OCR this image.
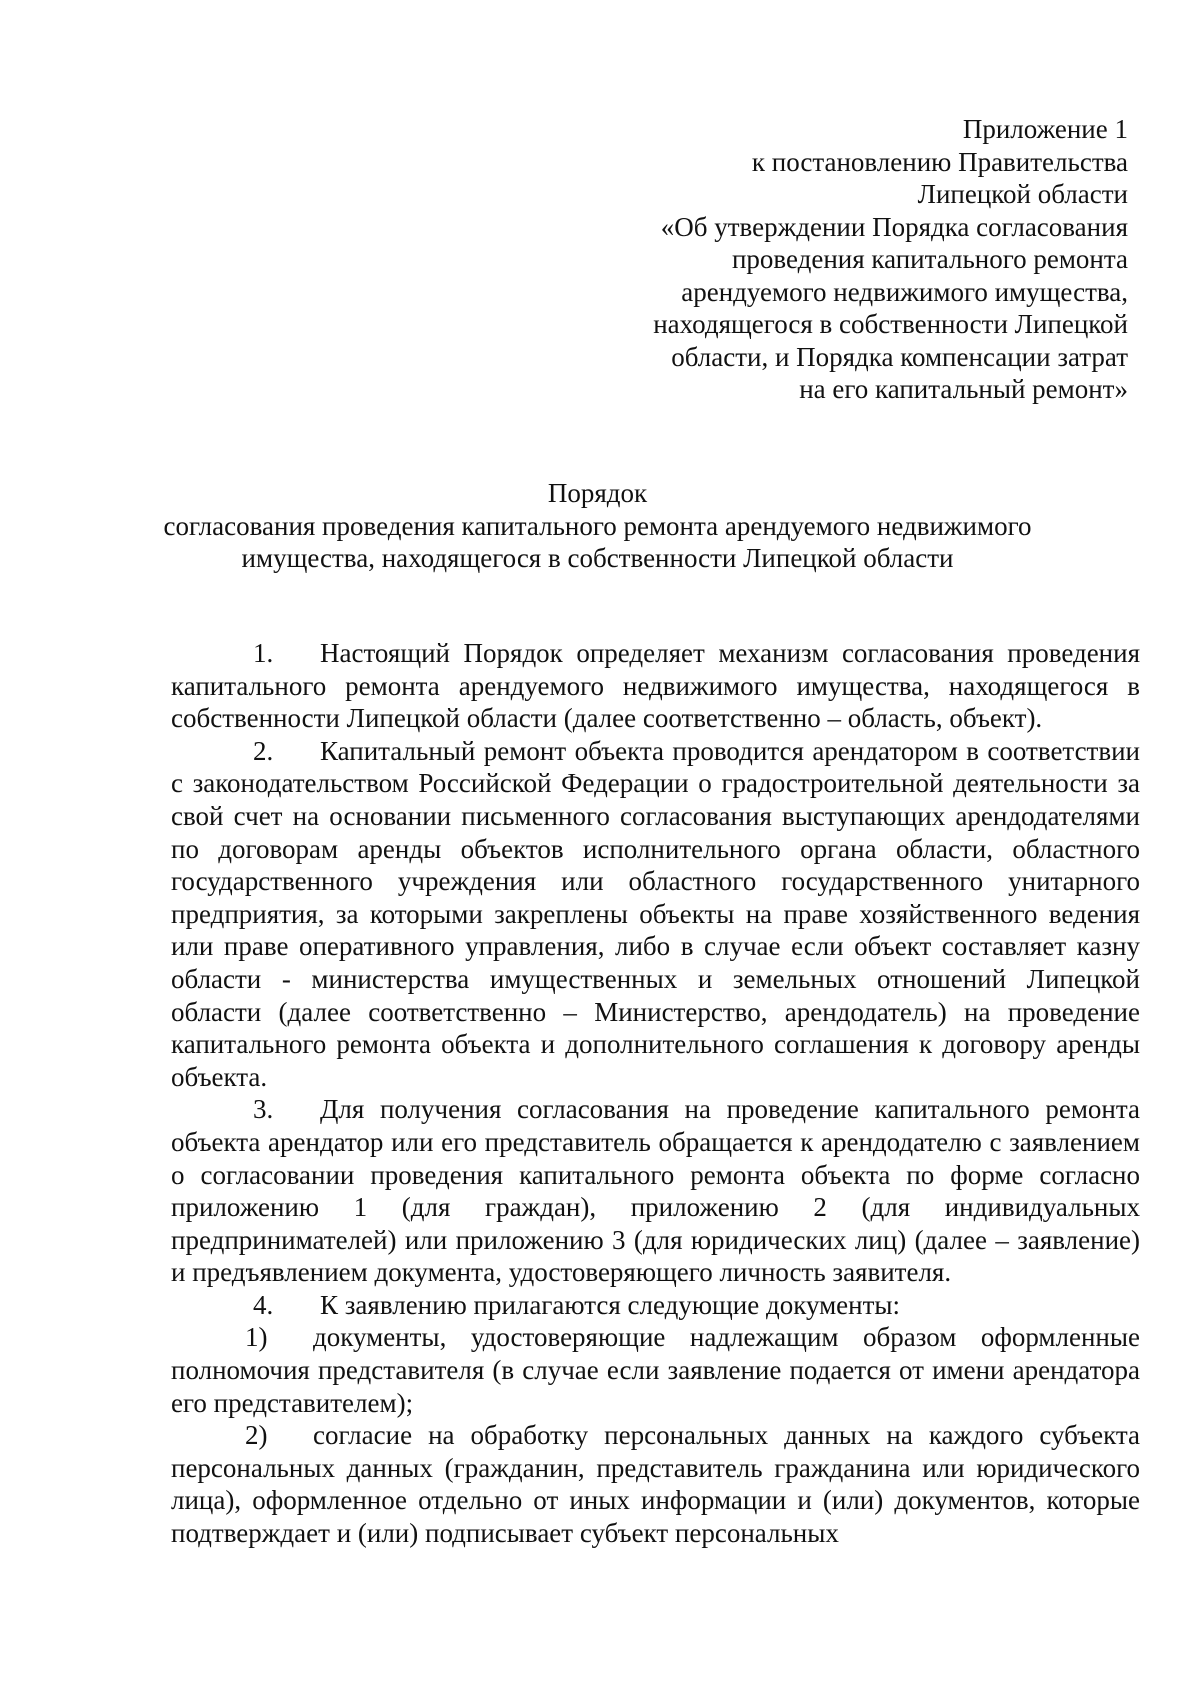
Приложение 1
к постановлению Правительства
Липецкой области
«Об утверждении Порядка согласования
проведения капитального ремонта
арендуемого недвижимого имущества,
находящегося в собственности Липецкой
области, и Порядка компенсации затрат
на его капитальный ремонт»
Порядок
согласования проведения капитального ремонта арендуемого недвижимого
имущества, находящегося в собственности Липецкой области

1. Настоящий Порядок определяет механизм согласования проведения капитального ремонта арендуемого недвижимого имущества, находящегося в собственности Липецкой области (далее соответственно – область, объект).

2. Капитальный ремонт объекта проводится арендатором в соответствии с законодательством Российской Федерации о градостроительной деятельности за свой счет на основании письменного согласования выступающих арендодателями по договорам аренды объектов исполнительного органа области, областного государственного учреждения или областного государственного унитарного предприятия, за которыми закреплены объекты на праве хозяйственного ведения или праве оперативного управления, либо в случае если объект составляет казну области - министерства имущественных и земельных отношений Липецкой области (далее соответственно – Министерство, арендодатель) на проведение капитального ремонта объекта и дополнительного соглашения к договору аренды объекта.

3. Для получения согласования на проведение капитального ремонта объекта арендатор или его представитель обращается к арендодателю с заявлением о согласовании проведения капитального ремонта объекта по форме согласно приложению 1 (для граждан), приложению 2 (для индивидуальных предпринимателей) или приложению 3 (для юридических лиц) (далее – заявление) и предъявлением документа, удостоверяющего личность заявителя.

4. К заявлению прилагаются следующие документы:

1) документы, удостоверяющие надлежащим образом оформленные полномочия представителя (в случае если заявление подается от имени арендатора его представителем);

2) согласие на обработку персональных данных на каждого субъекта персональных данных (гражданин, представитель гражданина или юридического лица), оформленное отдельно от иных информации и (или) документов, которые подтверждает и (или) подписывает субъект персональных
